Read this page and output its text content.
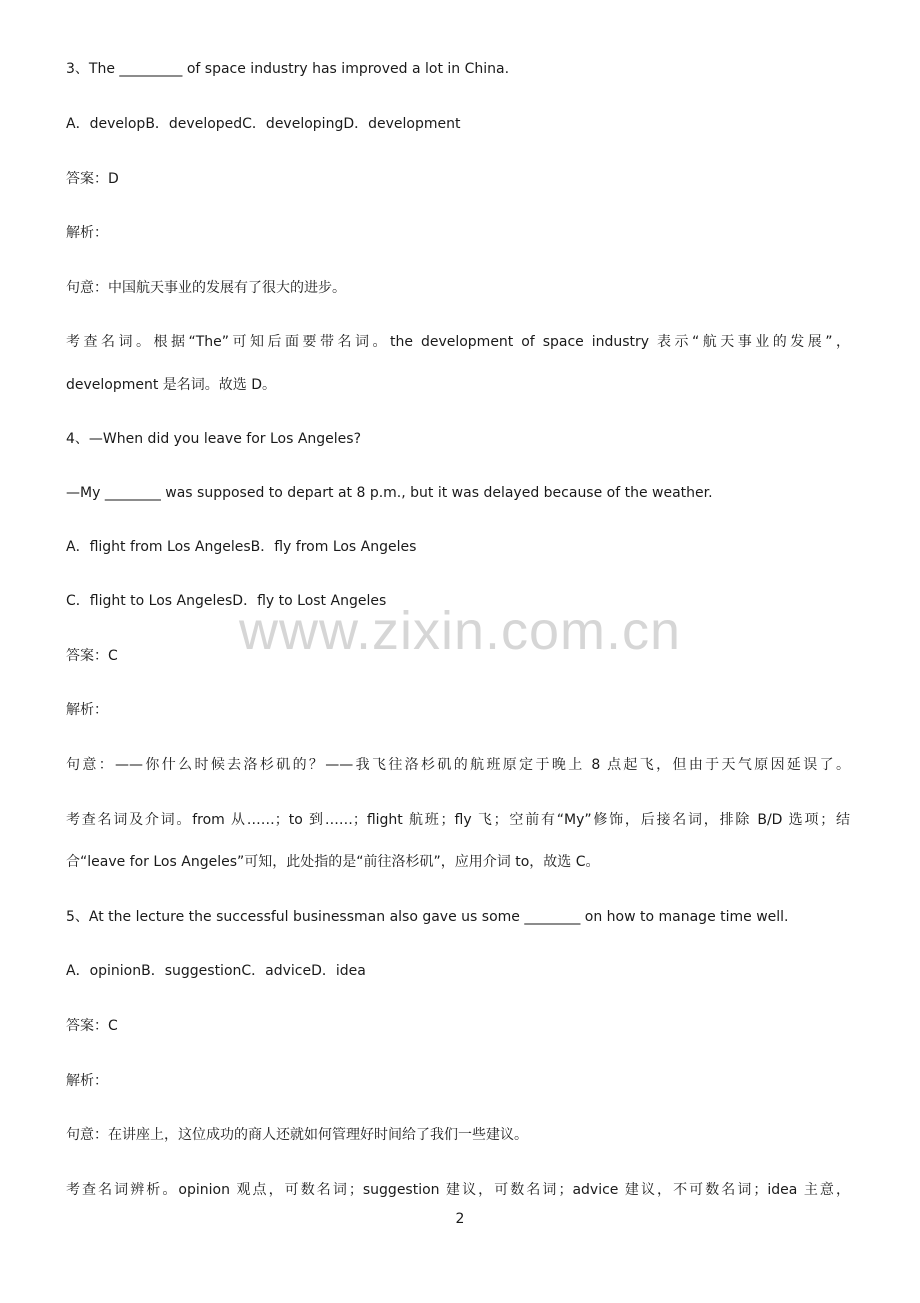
3、The _________ of space industry has improved a lot in China.
A．developB．developedC．developingD．development
答案：D
解析：
句意：中国航天事业的发展有了很大的进步。
考查名词。根据“The”可知后面要带名词。the development of space industry 表示“航天事业的发展”，
development 是名词。故选 D。
4、—When did you leave for Los Angeles?
—My ________ was supposed to depart at 8 p.m., but it was delayed because of the weather.
A．flight from Los AngelesB．fly from Los Angeles
C．flight to Los AngelesD．fly to Lost Angeles
答案：C
解析：
句意：——你什么时候去洛杉矶的？——我飞往洛杉矶的航班原定于晚上 8 点起飞，但由于天气原因延误了。
考查名词及介词。from 从……；to 到……；flight 航班；fly 飞；空前有“My”修饰，后接名词，排除 B/D 选项；结
合“leave for Los Angeles”可知，此处指的是“前往洛杉矶”，应用介词 to，故选 C。
5、At the lecture the successful businessman also gave us some ________ on how to manage time well.
A．opinionB．suggestionC．adviceD．idea
答案：C
解析：
句意：在讲座上，这位成功的商人还就如何管理好时间给了我们一些建议。
考查名词辨析。opinion 观点，可数名词；suggestion 建议，可数名词；advice 建议，不可数名词；idea 主意，
www.zixin.com.cn
2
